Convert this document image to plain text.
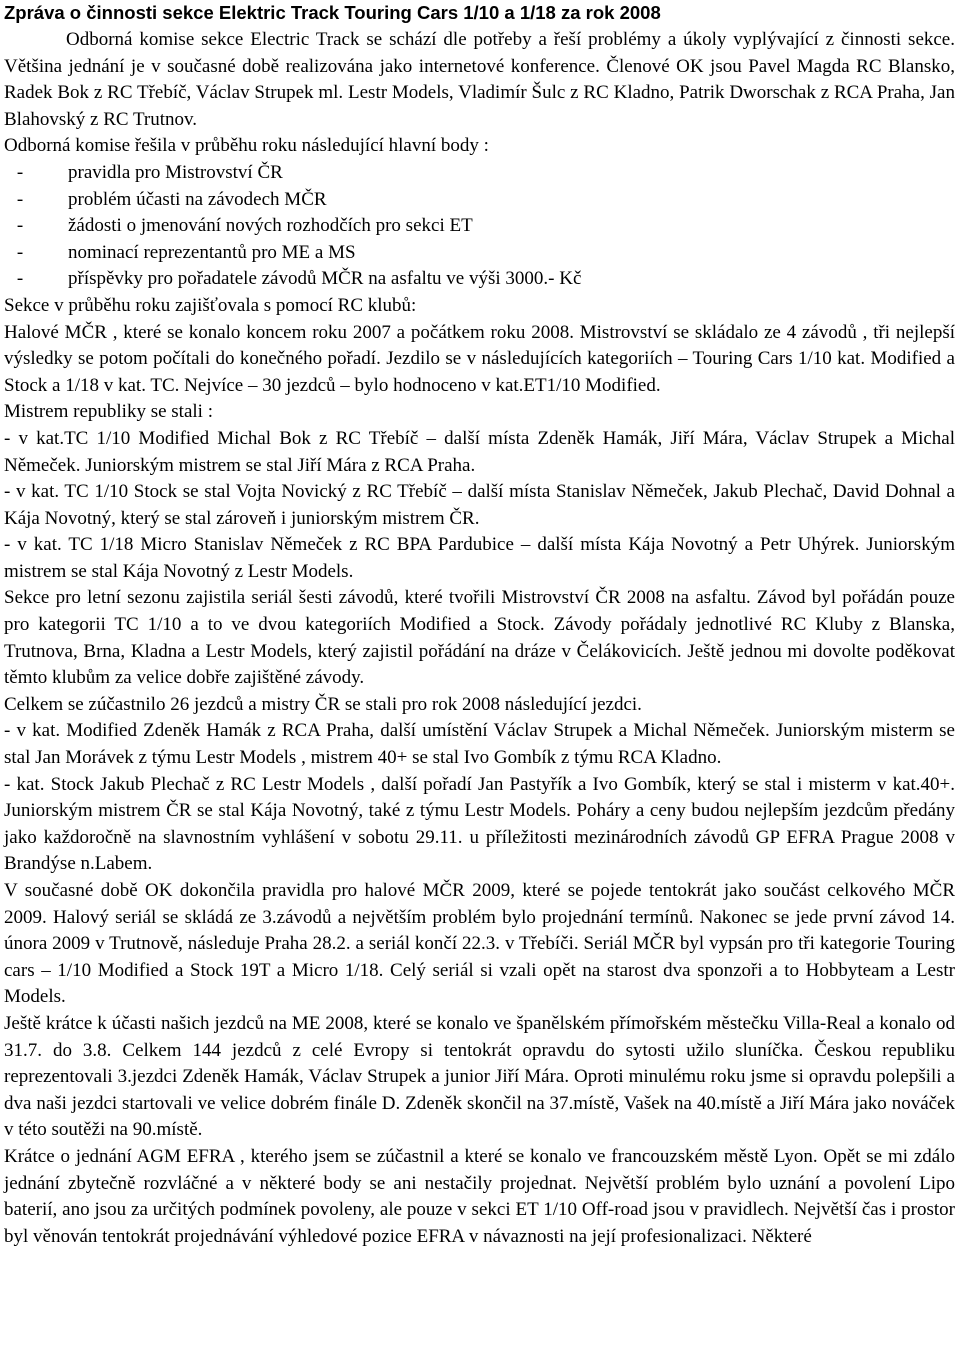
Zpráva o činnosti sekce Elektric Track Touring Cars 1/10 a 1/18 za rok 2008

Odborná komise sekce Electric Track se schází dle potřeby a řeší problémy a úkoly vyplývající z činnosti sekce. Většina jednání je v současné době realizována jako internetové konference. Členové OK jsou Pavel Magda RC Blansko, Radek Bok z RC Třebíč, Václav Strupek ml. Lestr Models, Vladimír Šulc z RC Kladno, Patrik Dworschak z RCA Praha, Jan Blahovský z RC Trutnov.

Odborná komise řešila v průběhu roku následující hlavní body :

- pravidla pro Mistrovství ČR
- problém účasti na závodech MČR
- žádosti o jmenování nových rozhodčích pro sekci ET
- nominací reprezentantů pro ME a MS
- příspěvky pro pořadatele závodů MČR na asfaltu ve výši 3000.- Kč

Sekce v průběhu roku zajišťovala s pomocí RC klubů:

Halové MČR , které se konalo koncem roku 2007 a počátkem roku 2008. Mistrovství se skládalo ze 4 závodů , tři nejlepší výsledky se potom počítali do konečného pořadí. Jezdilo se v následujících kategoriích – Touring Cars 1/10 kat. Modified a Stock a 1/18 v kat. TC. Nejvíce – 30 jezdců – bylo hodnoceno v kat.ET1/10 Modified.

Mistrem republiky se stali :

- v kat.TC 1/10 Modified Michal Bok z RC Třebíč – další místa Zdeněk Hamák, Jiří Mára, Václav Strupek a Michal Němeček. Juniorským mistrem se stal Jiří Mára z RCA Praha.

- v kat. TC 1/10 Stock se stal Vojta Novický z RC Třebíč – další místa Stanislav Němeček, Jakub Plechač, David Dohnal a Kája Novotný, který se stal zároveň i juniorským mistrem ČR.

- v kat. TC 1/18 Micro Stanislav Němeček z RC BPA Pardubice – další místa Kája Novotný a Petr Uhýrek. Juniorským mistrem se stal Kája Novotný z Lestr Models.

Sekce pro letní sezonu zajistila seriál šesti závodů, které tvořili Mistrovství ČR 2008 na asfaltu. Závod byl pořádán pouze pro kategorii TC 1/10 a to ve dvou kategoriích Modified a Stock. Závody pořádaly jednotlivé RC Kluby z Blanska, Trutnova, Brna, Kladna a Lestr Models, který zajistil pořádání na dráze v Čelákovicích. Ještě jednou mi dovolte poděkovat těmto klubům za velice dobře zajištěné závody.

Celkem se zúčastnilo 26 jezdců a mistry ČR se stali pro rok 2008 následující jezdci.

- v kat. Modified Zdeněk Hamák z RCA Praha, další umístění Václav Strupek a Michal Němeček. Juniorským misterm se stal Jan Morávek z týmu Lestr Models , mistrem 40+ se stal Ivo Gombík z týmu RCA Kladno.

- kat. Stock Jakub Plechač z RC Lestr Models , další pořadí Jan Pastyřík a Ivo Gombík, který se stal i misterm v kat.40+. Juniorským mistrem ČR se stal Kája Novotný, také z týmu Lestr Models. Poháry a ceny budou nejlepším jezdcům předány jako každoročně na slavnostním vyhlášení v sobotu 29.11. u příležitosti mezinárodních závodů GP EFRA Prague 2008 v Brandýse n.Labem.

V současné době OK dokončila pravidla pro halové MČR 2009, které se pojede tentokrát jako součást celkového MČR 2009. Halový seriál se skládá ze 3.závodů a největším problém bylo projednání termínů. Nakonec se jede první závod 14. února 2009 v Trutnově, následuje Praha 28.2. a seriál končí 22.3. v Třebíči. Seriál MČR byl vypsán pro tři kategorie Touring cars – 1/10 Modified a Stock 19T a Micro 1/18. Celý seriál si vzali opět na starost dva sponzoři a to Hobbyteam a Lestr Models.

Ještě krátce k účasti našich jezdců na ME 2008, které se konalo ve španělském přímořském městečku Villa-Real a konalo od 31.7. do 3.8. Celkem 144 jezdců z celé Evropy si tentokrát opravdu do sytosti užilo sluníčka. Českou republiku reprezentovali 3.jezdci Zdeněk Hamák, Václav Strupek a junior Jiří Mára. Oproti minulému roku jsme si opravdu polepšili a dva naši jezdci startovali ve velice dobrém finále D. Zdeněk skončil na 37.místě, Vašek na 40.místě a Jiří Mára jako nováček v této soutěži na 90.místě.

Krátce o jednání AGM EFRA , kterého jsem se zúčastnil a které se konalo ve francouzském městě Lyon. Opět se mi zdálo jednání zbytečně rozvláčné a v některé body se ani nestačily projednat. Největší problém bylo uznání a povolení Lipo baterií, ano jsou za určitých podmínek povoleny, ale pouze v sekci ET 1/10 Off-road jsou v pravidlech. Největší čas i prostor byl věnován tentokrát projednávání výhledové pozice EFRA v návaznosti na její profesionalizaci. Některé
